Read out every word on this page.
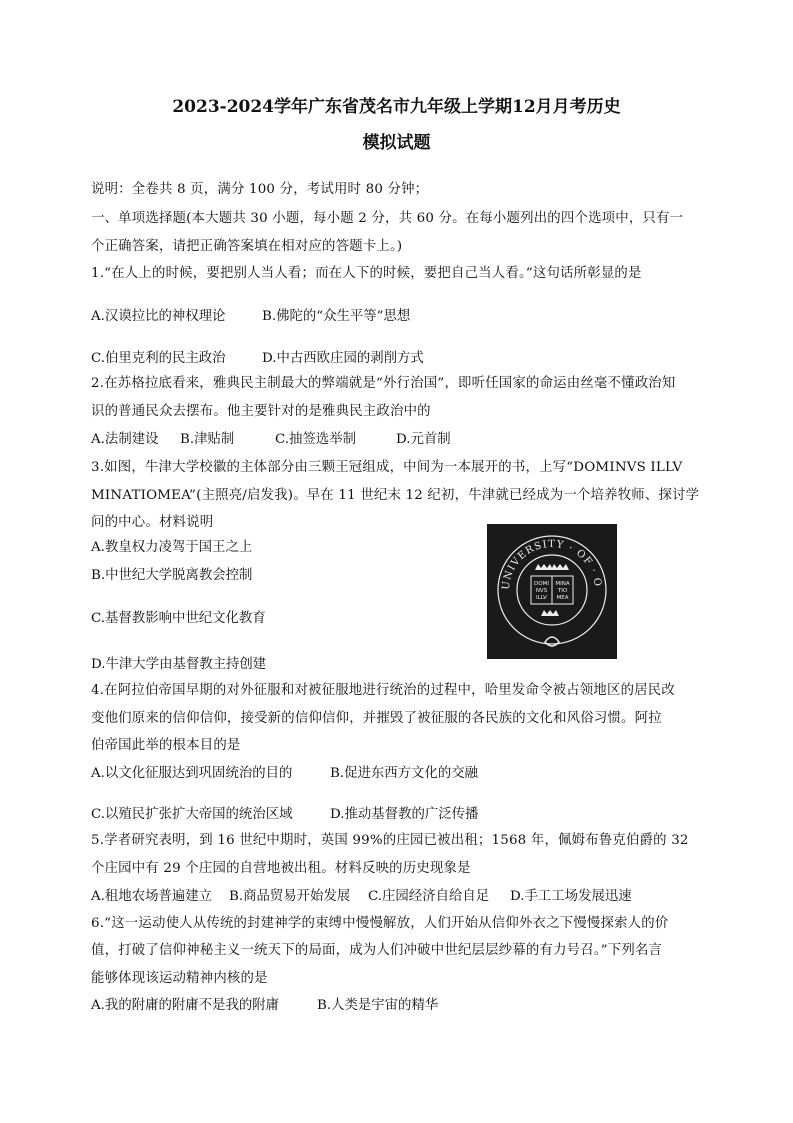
2023-2024学年广东省茂名市九年级上学期12月月考历史
模拟试题
说明：全卷共 8 页，满分 100 分，考试用时 80 分钟；
一、单项选择题(本大题共 30 小题，每小题 2 分，共 60 分。在每小题列出的四个选项中，只有一
个正确答案，请把正确答案填在相对应的答题卡上。)
1.“在人上的时候，要把别人当人看；而在人下的时候，要把自己当人看。”这句话所彰显的是
A.汉谟拉比的神权理论	B.佛陀的“众生平等”思想
C.伯里克利的民主政治	D.中古西欧庄园的剥削方式
2.在苏格拉底看来，雅典民主制最大的弊端就是“外行治国”，即听任国家的命运由丝毫不懂政治知
识的普通民众去摆布。他主要针对的是雅典民主政治中的
A.法制建设 B.津贴制	C.抽签选举制	D.元首制
3.如图，牛津大学校徽的主体部分由三颗王冠组成，中间为一本展开的书，上写“DOMINVS ILLV
MINATIOMEA”(主照亮/启发我)。早在 11 世纪末 12 纪初，牛津就已经成为一个培养牧师、探讨学
问的中心。材料说明
A.教皇权力凌驾于国王之上
B.中世纪大学脱离教会控制
C.基督教影响中世纪文化教育
D.牛津大学由基督教主持创建
UNIVERSITY · OF · O
DOMI
NVS
ILLV
MINA
TIO
MEA
4.在阿拉伯帝国早期的对外征服和对被征服地进行统治的过程中，哈里发命令被占领地区的居民改
变他们原来的信仰信仰，接受新的信仰信仰，并摧毁了被征服的各民族的文化和风俗习惯。阿拉
伯帝国此举的根本目的是
A.以文化征服达到巩固统治的目的	B.促进东西方文化的交融
C.以殖民扩张扩大帝国的统治区域	D.推动基督教的广泛传播
5.学者研究表明，到 16 世纪中期时，英国 99%的庄园已被出租；1568 年，佩姆布鲁克伯爵的 32
个庄园中有 29 个庄园的自营地被出租。材料反映的历史现象是
A.租地农场普遍建立 B.商品贸易开始发展 C.庄园经济自给自足 D.手工工场发展迅速
6.“这一运动使人从传统的封建神学的束缚中慢慢解放，人们开始从信仰外衣之下慢慢探索人的价
值，打破了信仰神秘主义一统天下的局面，成为人们冲破中世纪层层纱幕的有力号召。”下列名言
能够体现该运动精神内核的是
A.我的附庸的附庸不是我的附庸	B.人类是宇宙的精华
